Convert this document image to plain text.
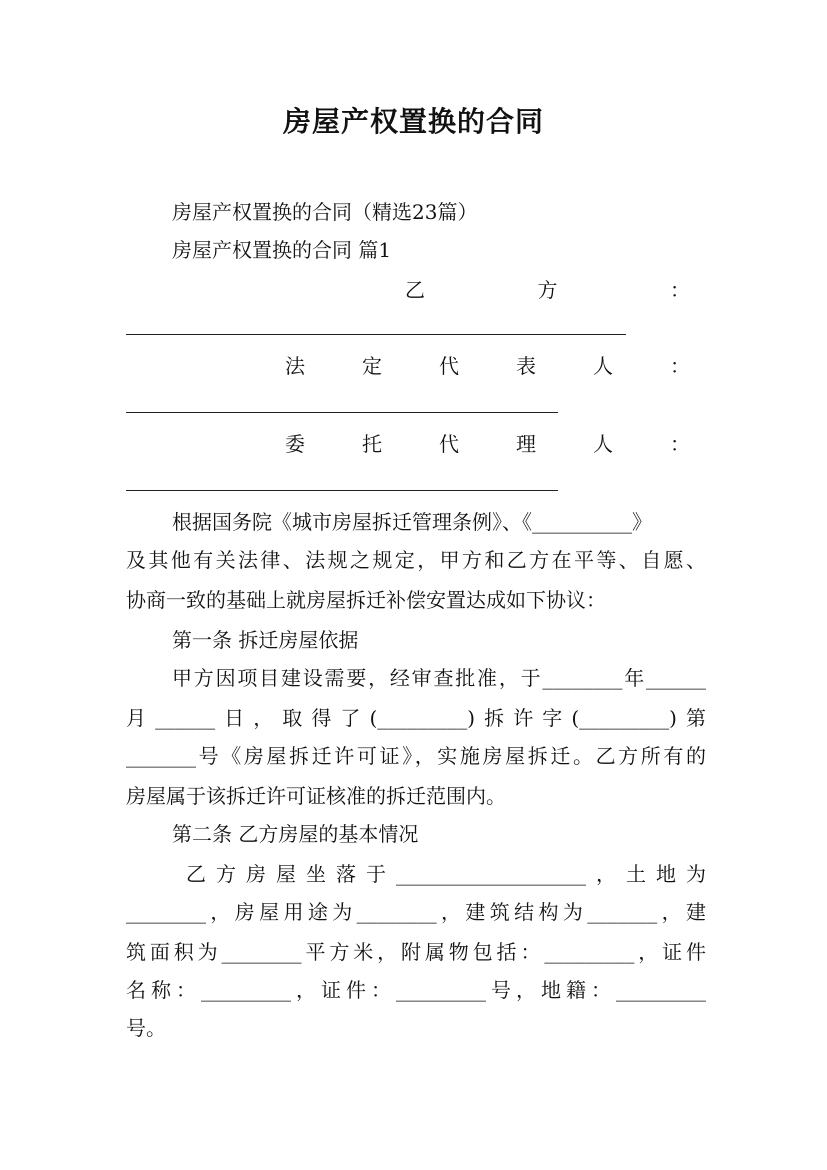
房屋产权置换的合同
房屋产权置换的合同（精选23篇）
房屋产权置换的合同 篇1
乙	方	：
法	定	代	表	人	：
委	托	代	理	人	：
根据国务院《城市房屋拆迁管理条例》、《__________》
及其他有关法律、法规之规定，甲方和乙方在平等、自愿、
协商一致的基础上就房屋拆迁补偿安置达成如下协议：
第一条 拆迁房屋依据
甲方因项目建设需要，经审查批准，于________年______
月______日，取得了(_________)拆许字(_________)第
_______号《房屋拆迁许可证》，实施房屋拆迁。乙方所有的
房屋属于该拆迁许可证核准的拆迁范围内。
第二条 乙方房屋的基本情况
乙方房屋坐落于___________________，土地为
________，房屋用途为________，建筑结构为_______，建
筑面积为________平方米，附属物包括：_________，证件
名称：_________，证件：_________号，地籍：_________
号。
